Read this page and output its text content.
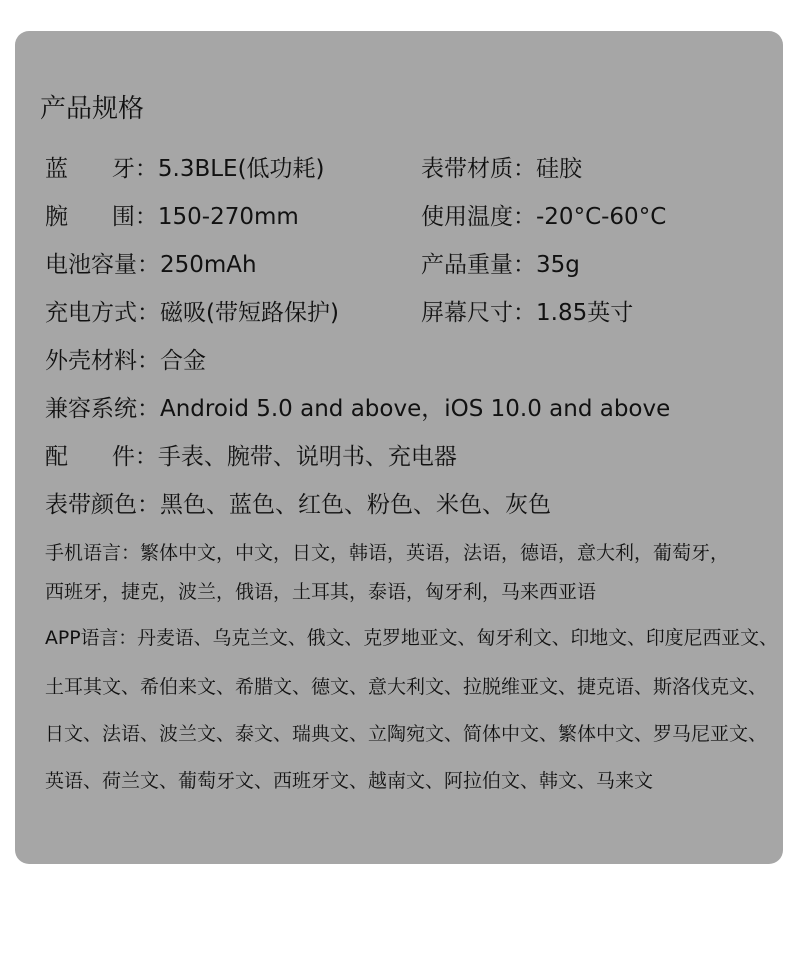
产品规格
蓝      牙：5.3BLE(低功耗)
腕      围：150-270mm
电池容量：250mAh
充电方式：磁吸(带短路保护)
表带材质：硅胶
使用温度：-20°C-60°C
产品重量：35g
屏幕尺寸：1.85英寸
外壳材料：合金
兼容系统：Android 5.0 and above，iOS 10.0 and above
配      件：手表、腕带、说明书、充电器
表带颜色：黑色、蓝色、红色、粉色、米色、灰色
手机语言：繁体中文，中文，日文，韩语，英语，法语，德语，意大利，葡萄牙，
西班牙，捷克，波兰，俄语，土耳其，泰语，匈牙利，马来西亚语
APP语言：丹麦语、乌克兰文、俄文、克罗地亚文、匈牙利文、印地文、印度尼西亚文、
土耳其文、希伯来文、希腊文、德文、意大利文、拉脱维亚文、捷克语、斯洛伐克文、
日文、法语、波兰文、泰文、瑞典文、立陶宛文、简体中文、繁体中文、罗马尼亚文、
英语、荷兰文、葡萄牙文、西班牙文、越南文、阿拉伯文、韩文、马来文
